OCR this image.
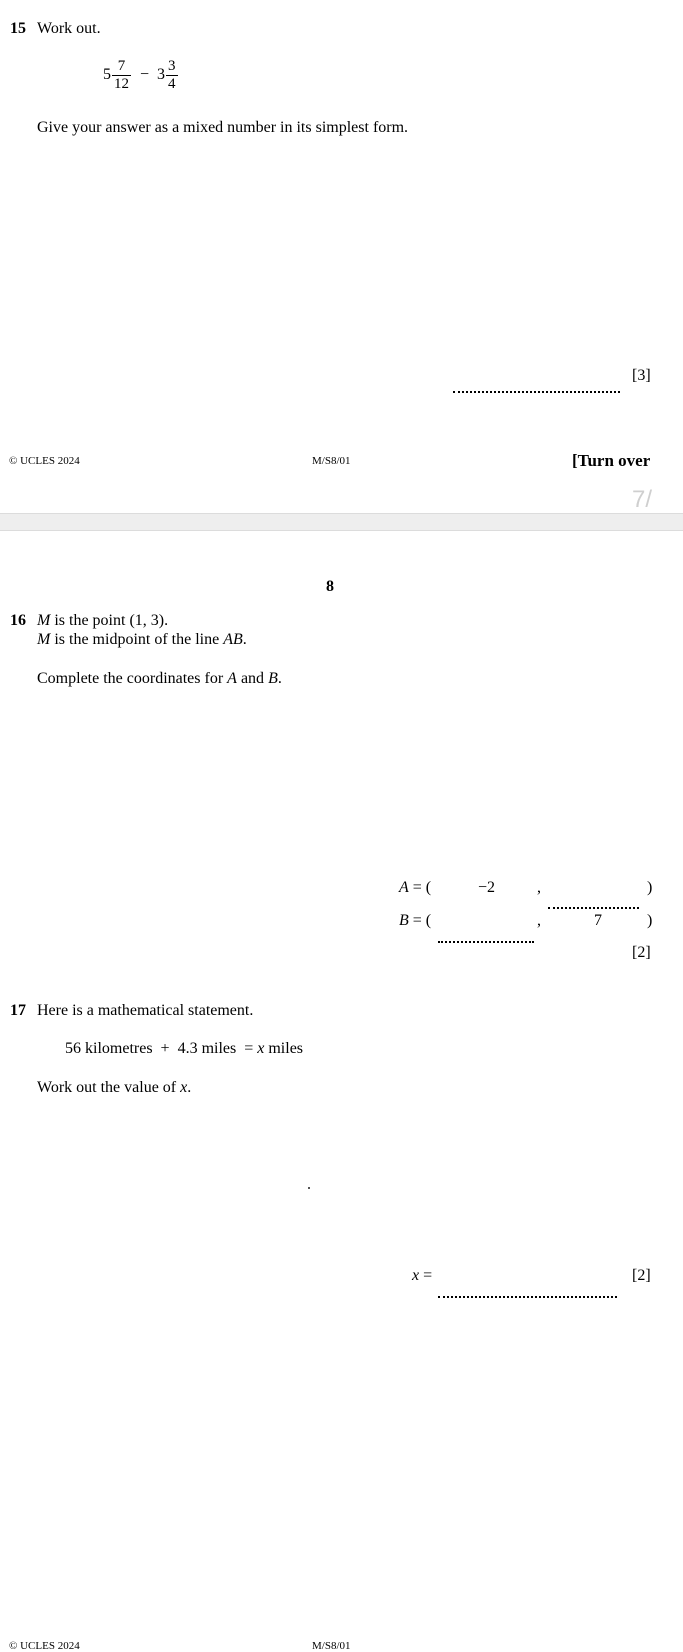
15 Work out.
$5 \frac{7}{12} - 3 \frac{3}{4}$
Give your answer as a mixed number in its simplest form.
[3]
© UCLES 2024	M/S8/01	[Turn over
7/
8
16 M is the point (1, 3).
M is the midpoint of the line AB.
Complete the coordinates for A and B.
A = (	−2	,	)
B = (	,	7	)
[2]
17 Here is a mathematical statement.
56 kilometres  +  4.3 miles  = x miles
Work out the value of x.
x =	[2]
© UCLES 2024	M/S8/01
